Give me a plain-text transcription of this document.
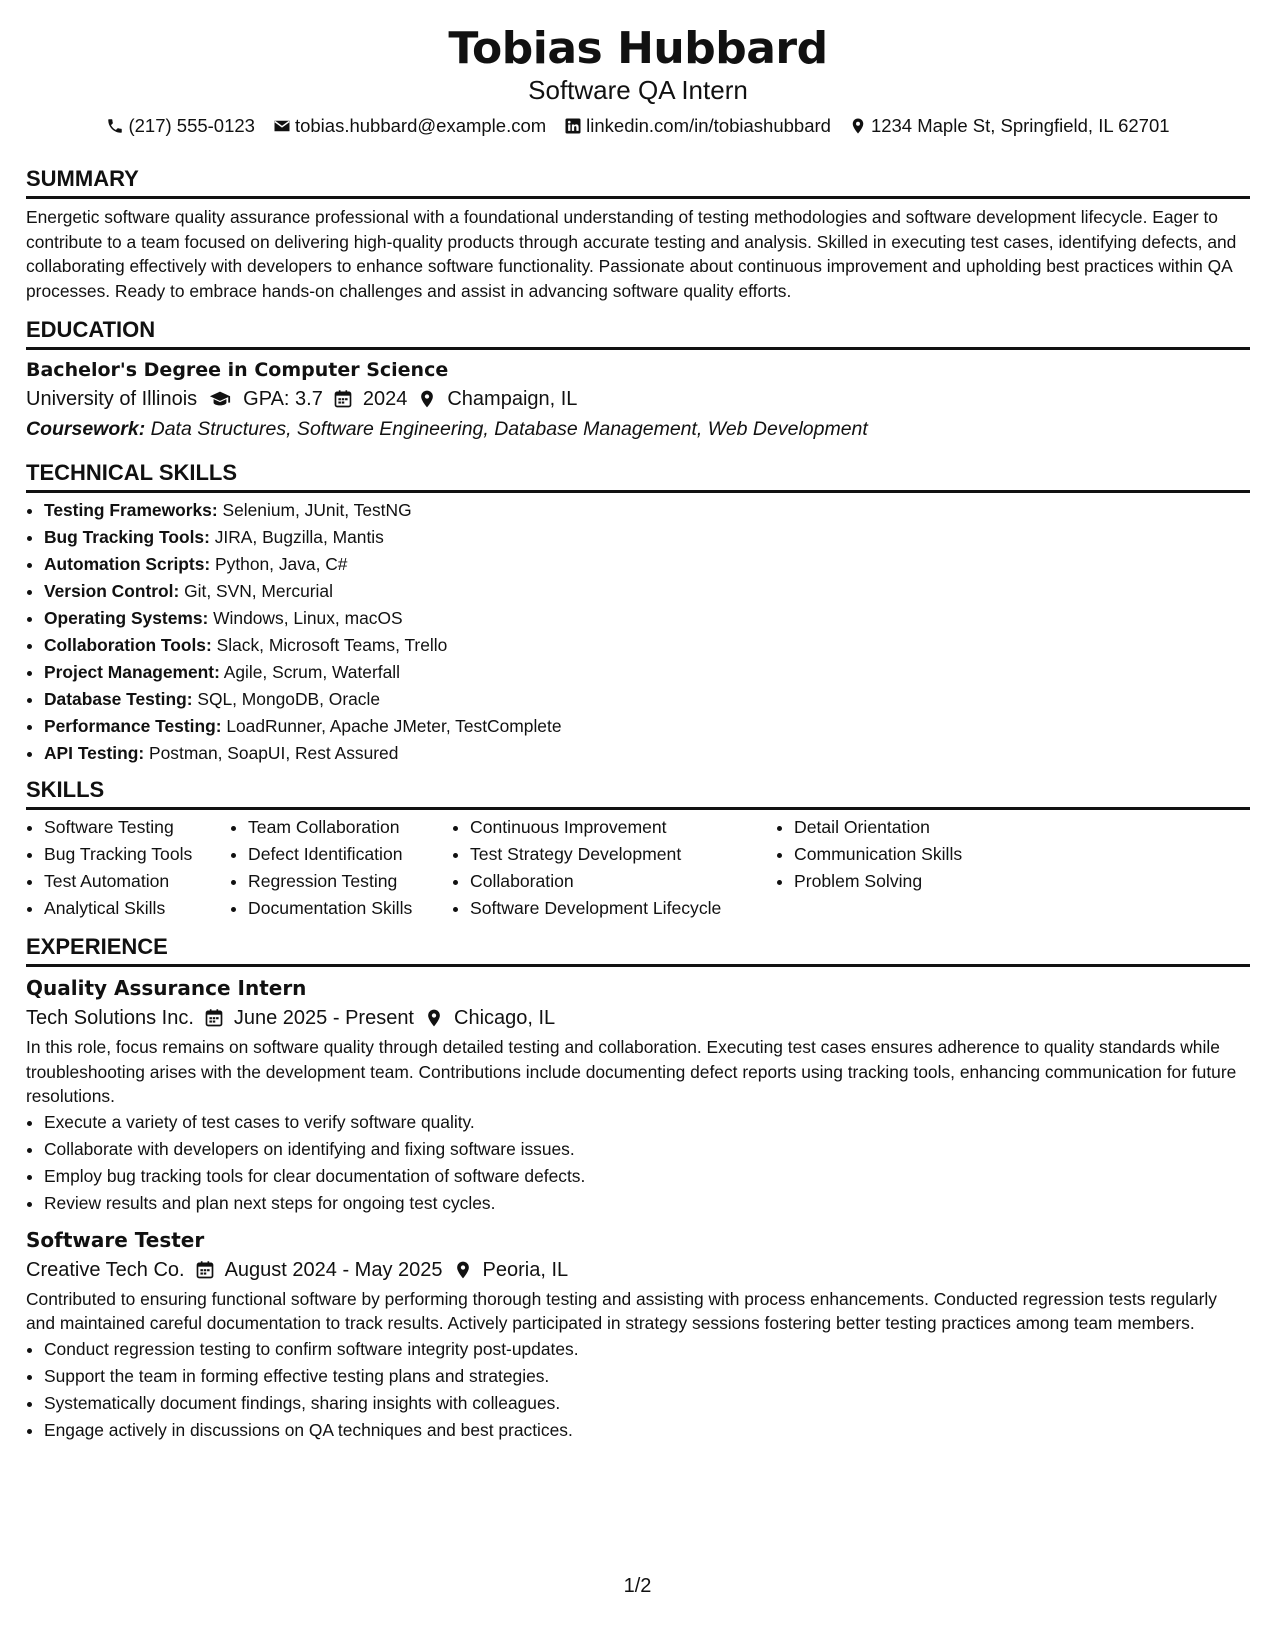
Tobias Hubbard
Software QA Intern
(217) 555-0123 tobias.hubbard@example.com linkedin.com/in/tobiashubbard 1234 Maple St, Springfield, IL 62701
SUMMARY

Energetic software quality assurance professional with a foundational understanding of testing methodologies and software development lifecycle. Eager to contribute to a team focused on delivering high-quality products through accurate testing and analysis. Skilled in executing test cases, identifying defects, and collaborating effectively with developers to enhance software functionality. Passionate about continuous improvement and upholding best practices within QA processes. Ready to embrace hands-on challenges and assist in advancing software quality efforts.

EDUCATION
Bachelor's Degree in Computer Science
University of Illinois GPA: 3.7 2024 Champaign, IL
Coursework: Data Structures, Software Engineering, Database Management, Web Development
TECHNICAL SKILLS
• Testing Frameworks: Selenium, JUnit, TestNG
• Bug Tracking Tools: JIRA, Bugzilla, Mantis
• Automation Scripts: Python, Java, C#
• Version Control: Git, SVN, Mercurial
• Operating Systems: Windows, Linux, macOS
• Collaboration Tools: Slack, Microsoft Teams, Trello
• Project Management: Agile, Scrum, Waterfall
• Database Testing: SQL, MongoDB, Oracle
• Performance Testing: LoadRunner, Apache JMeter, TestComplete
• API Testing: Postman, SoapUI, Rest Assured
SKILLS
• Software Testing
• Bug Tracking Tools
• Test Automation
• Analytical Skills
• Team Collaboration
• Defect Identification
• Regression Testing
• Documentation Skills
• Continuous Improvement
• Test Strategy Development
• Collaboration
• Software Development Lifecycle
• Detail Orientation
• Communication Skills
• Problem Solving
EXPERIENCE
Quality Assurance Intern
Tech Solutions Inc. June 2025 - Present Chicago, IL

In this role, focus remains on software quality through detailed testing and collaboration. Executing test cases ensures adherence to quality standards while troubleshooting arises with the development team. Contributions include documenting defect reports using tracking tools, enhancing communication for future resolutions.

• Execute a variety of test cases to verify software quality.
• Collaborate with developers on identifying and fixing software issues.
• Employ bug tracking tools for clear documentation of software defects.
• Review results and plan next steps for ongoing test cycles.
Software Tester
Creative Tech Co. August 2024 - May 2025 Peoria, IL

Contributed to ensuring functional software by performing thorough testing and assisting with process enhancements. Conducted regression tests regularly and maintained careful documentation to track results. Actively participated in strategy sessions fostering better testing practices among team members.

• Conduct regression testing to confirm software integrity post-updates.
• Support the team in forming effective testing plans and strategies.
• Systematically document findings, sharing insights with colleagues.
• Engage actively in discussions on QA techniques and best practices.
1/2
